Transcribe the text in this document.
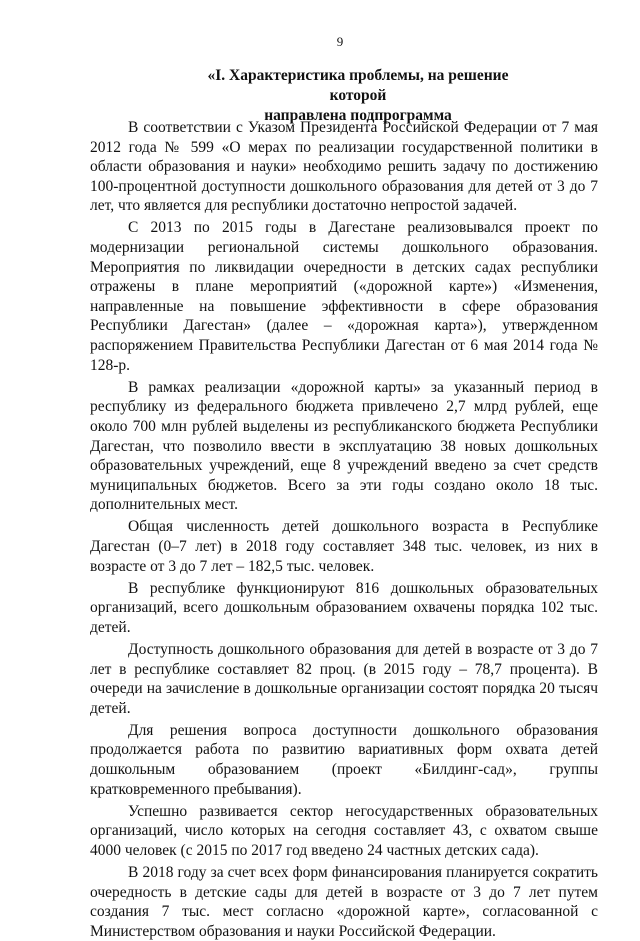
9
«I. Характеристика проблемы, на решение которой
направлена подпрограмма

В соответствии с Указом Президента Российской Федерации от 7 мая 2012 года № 599 «О мерах по реализации государственной политики в области образования и науки» необходимо решить задачу по достижению 100-процентной доступности дошкольного образования для детей от 3 до 7 лет, что является для республики достаточно непростой задачей.

С 2013 по 2015 годы в Дагестане реализовывался проект по модернизации региональной системы дошкольного образования. Мероприятия по ликвидации очередности в детских садах республики отражены в плане мероприятий («дорожной карте») «Изменения, направленные на повышение эффективности в сфере образования Республики Дагестан» (далее – «дорожная карта»), утвержденном распоряжением Правительства Республики Дагестан от 6 мая 2014 года № 128-р.

В рамках реализации «дорожной карты» за указанный период в республику из федерального бюджета привлечено 2,7 млрд рублей, еще около 700 млн рублей выделены из республиканского бюджета Республики Дагестан, что позволило ввести в эксплуатацию 38 новых дошкольных образовательных учреждений, еще 8 учреждений введено за счет средств муниципальных бюджетов. Всего за эти годы создано около 18 тыс. дополнительных мест.

Общая численность детей дошкольного возраста в Республике Дагестан (0–7 лет) в 2018 году составляет 348 тыс. человек, из них в возрасте от 3 до 7 лет – 182,5 тыс. человек.

В республике функционируют 816 дошкольных образовательных организаций, всего дошкольным образованием охвачены порядка 102 тыс. детей.

Доступность дошкольного образования для детей в возрасте от 3 до 7 лет в республике составляет 82 проц. (в 2015 году – 78,7 процента). В очереди на зачисление в дошкольные организации состоят порядка 20 тысяч детей.

Для решения вопроса доступности дошкольного образования продолжается работа по развитию вариативных форм охвата детей дошкольным образованием (проект «Билдинг-сад», группы кратковременного пребывания).

Успешно развивается сектор негосударственных образовательных организаций, число которых на сегодня составляет 43, с охватом свыше 4000 человек (с 2015 по 2017 год введено 24 частных детских сада).

В 2018 году за счет всех форм финансирования планируется сократить очередность в детские сады для детей в возрасте от 3 до 7 лет путем создания 7 тыс. мест согласно «дорожной карте», согласованной с Министерством образования и науки Российской Федерации.
